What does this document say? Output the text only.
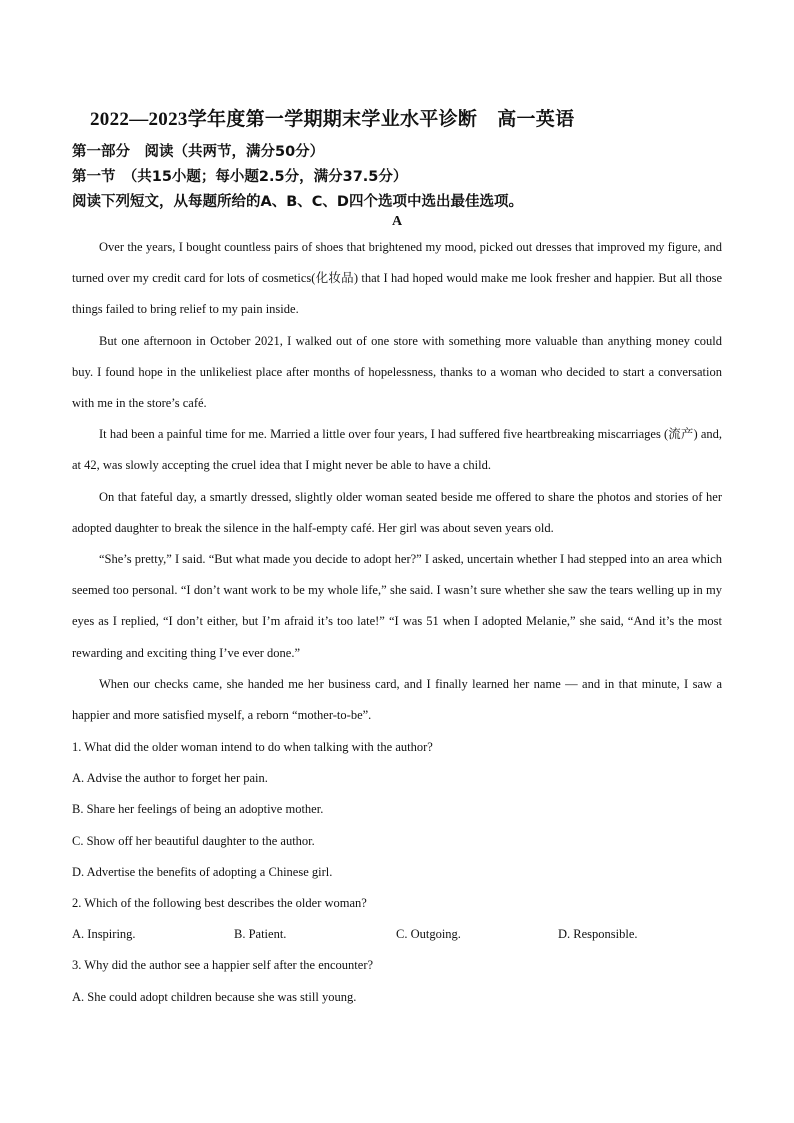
2022—2023学年度第一学期期末学业水平诊断 高一英语
第一部分　阅读（共两节，满分50分）
第一节　（共15小题；每小题2.5分，满分37.5分）
阅读下列短文，从每题所给的A、B、C、D四个选项中选出最佳选项。
A

Over the years, I bought countless pairs of shoes that brightened my mood, picked out dresses that improved my figure, and turned over my credit card for lots of cosmetics(化妆品) that I had hoped would make me look fresher and happier. But all those things failed to bring relief to my pain inside.

But one afternoon in October 2021, I walked out of one store with something more valuable than anything money could buy. I found hope in the unlikeliest place after months of hopelessness, thanks to a woman who decided to start a conversation with me in the store’s café.

It had been a painful time for me. Married a little over four years, I had suffered five heartbreaking miscarriages (流产) and, at 42, was slowly accepting the cruel idea that I might never be able to have a child.

On that fateful day, a smartly dressed, slightly older woman seated beside me offered to share the photos and stories of her adopted daughter to break the silence in the half-empty café. Her girl was about seven years old.

“She’s pretty,” I said. “But what made you decide to adopt her?” I asked, uncertain whether I had stepped into an area which seemed too personal. “I don’t want work to be my whole life,” she said. I wasn’t sure whether she saw the tears welling up in my eyes as I replied, “I don’t either, but I’m afraid it’s too late!” “I was 51 when I adopted Melanie,” she said, “And it’s the most rewarding and exciting thing I’ve ever done.”

When our checks came, she handed me her business card, and I finally learned her name — and in that minute, I saw a happier and more satisfied myself, a reborn “mother-to-be”.

1. What did the older woman intend to do when talking with the author?

A. Advise the author to forget her pain.

B. Share her feelings of being an adoptive mother.

C. Show off her beautiful daughter to the author.

D. Advertise the benefits of adopting a Chinese girl.

2. Which of the following best describes the older woman?

A. Inspiring.	B. Patient.	C. Outgoing.	D. Responsible.

3. Why did the author see a happier self after the encounter?

A. She could adopt children because she was still young.
